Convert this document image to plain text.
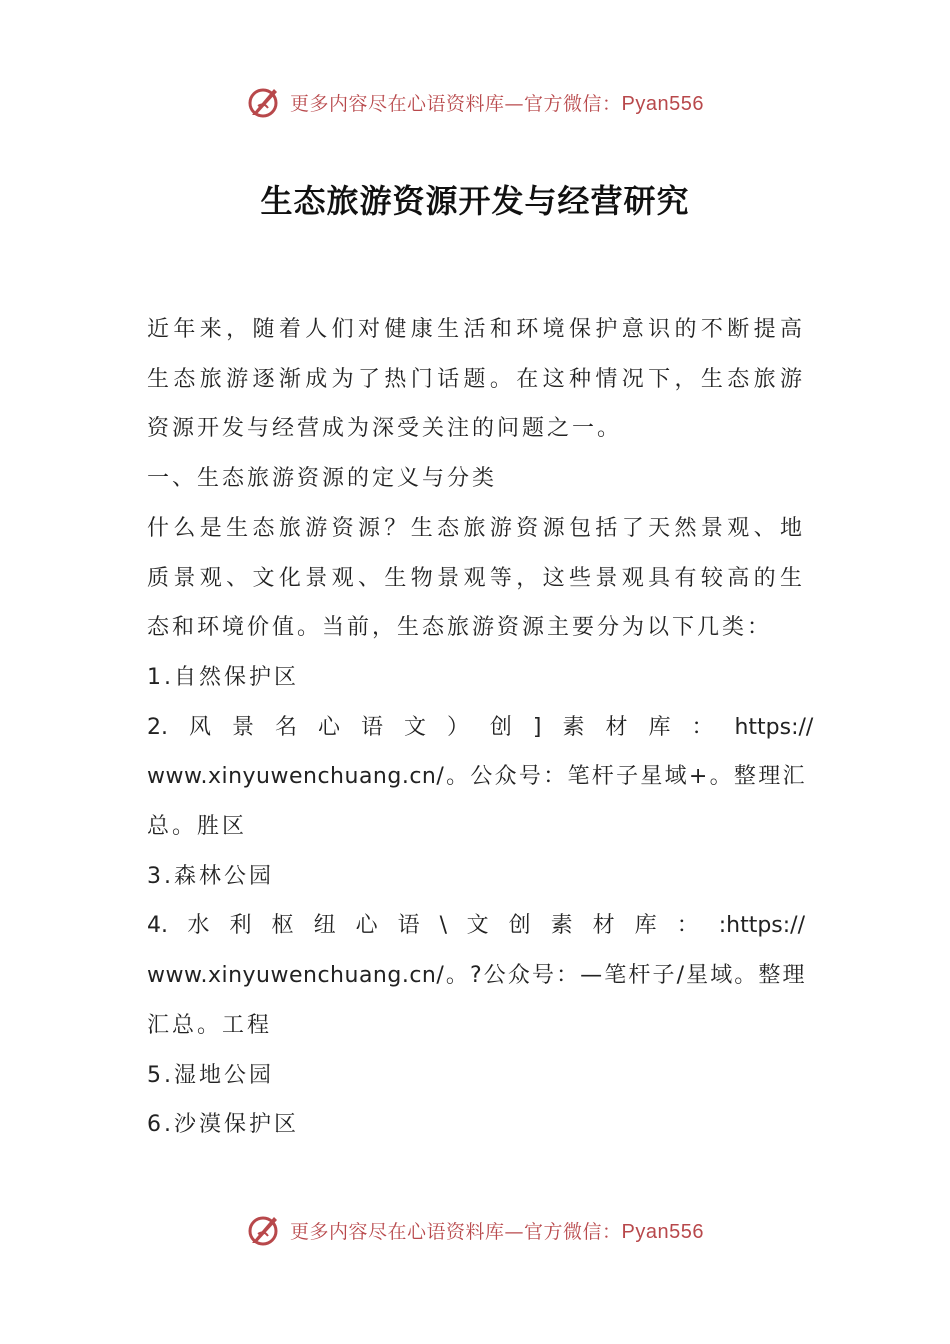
更多内容尽在心语资料库—官方微信：Pyan556
生态旅游资源开发与经营研究

近年来，随着人们对健康生活和环境保护意识的不断提高

生态旅游逐渐成为了热门话题。在这种情况下，生态旅游

资源开发与经营成为深受关注的问题之一。

一、生态旅游资源的定义与分类

什么是生态旅游资源？生态旅游资源包括了天然景观、地

质景观、文化景观、生物景观等，这些景观具有较高的生

态和环境价值。当前，生态旅游资源主要分为以下几类：

1.自然保护区

2. 风 景 名 心 语 文 ） 创 ] 素 材 库 ： https://

www.xinyuwenchuang.cn/。公众号：笔杆子星域+。整理汇

总。胜区

3.森林公园

4. 水 利 枢 纽 心 语 \ 文 创 素 材 库 ： :https://

www.xinyuwenchuang.cn/。?公众号：—笔杆子/星域。整理

汇总。工程

5.湿地公园

6.沙漠保护区

更多内容尽在心语资料库—官方微信：Pyan556
